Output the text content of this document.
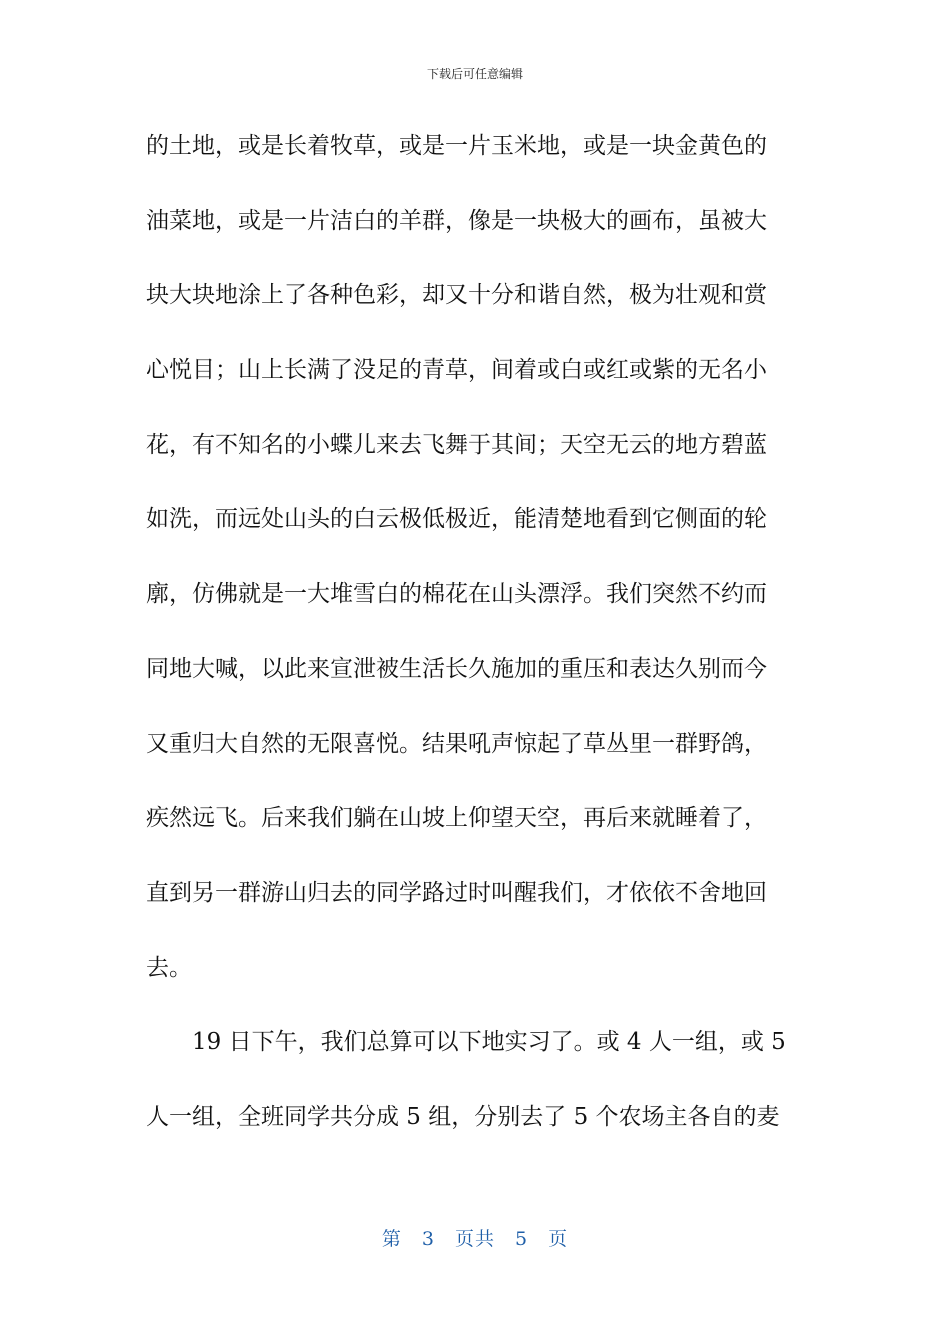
下载后可任意编辑
的土地，或是长着牧草，或是一片玉米地，或是一块金黄色的
油菜地，或是一片洁白的羊群，像是一块极大的画布，虽被大
块大块地涂上了各种色彩，却又十分和谐自然，极为壮观和赏
心悦目；山上长满了没足的青草，间着或白或红或紫的无名小
花，有不知名的小蝶儿来去飞舞于其间；天空无云的地方碧蓝
如洗，而远处山头的白云极低极近，能清楚地看到它侧面的轮
廓，仿佛就是一大堆雪白的棉花在山头漂浮。我们突然不约而
同地大喊，以此来宣泄被生活长久施加的重压和表达久别而今
又重归大自然的无限喜悦。结果吼声惊起了草丛里一群野鸽，
疾然远飞。后来我们躺在山坡上仰望天空，再后来就睡着了，
直到另一群游山归去的同学路过时叫醒我们，才依依不舍地回
去。
19 日下午，我们总算可以下地实习了。或 4 人一组，或 5
人一组，全班同学共分成 5 组，分别去了 5 个农场主各自的麦
第 3 页共 5 页
